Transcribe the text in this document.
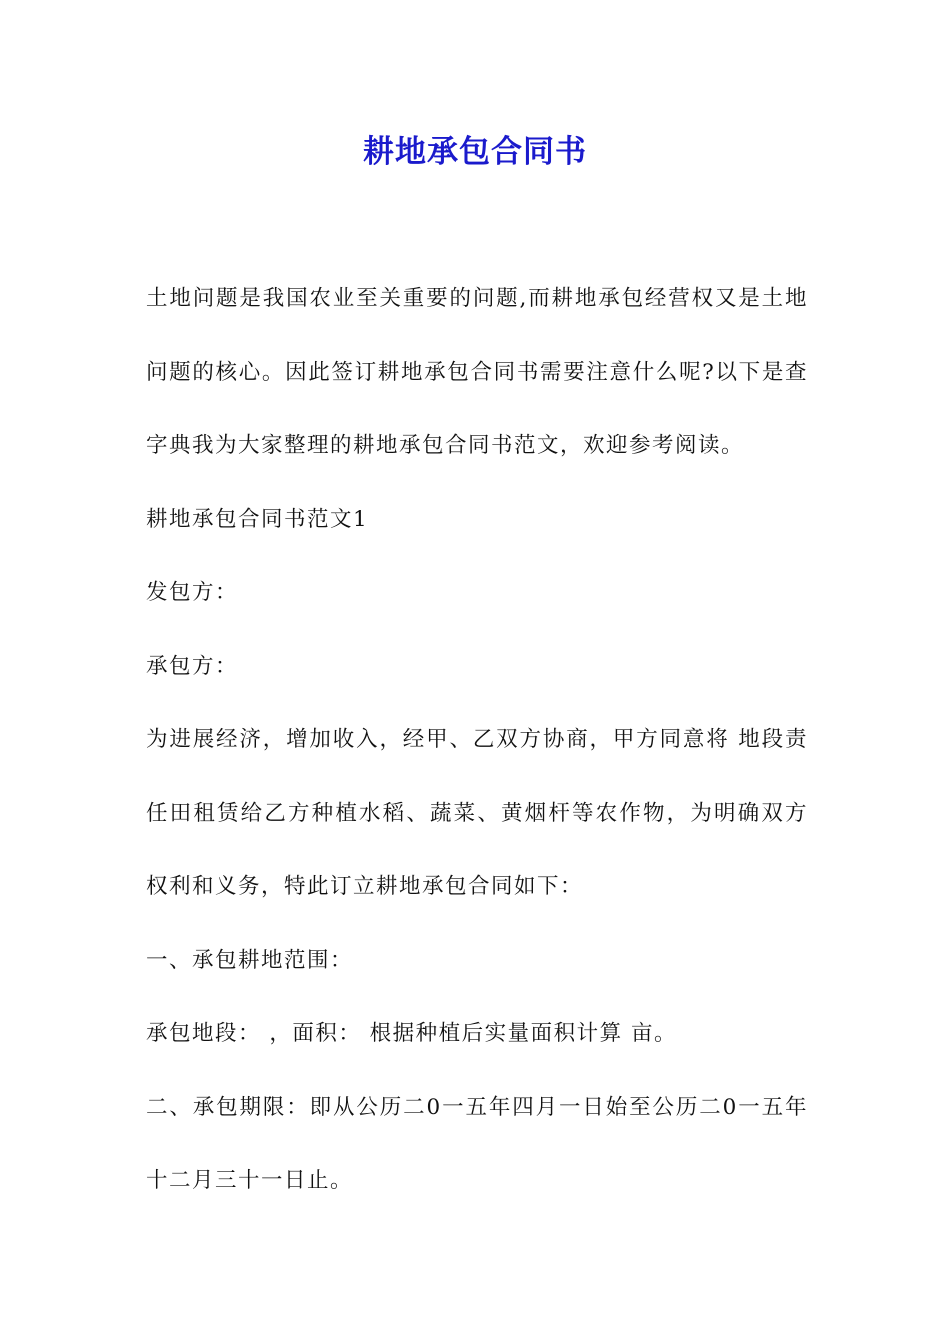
耕地承包合同书

土地问题是我国农业至关重要的问题,而耕地承包经营权又是土地问题的核心。因此签订耕地承包合同书需要注意什么呢?以下是查字典我为大家整理的耕地承包合同书范文，欢迎参考阅读。

耕地承包合同书范文1

发包方：

承包方：

为进展经济，增加收入，经甲、乙双方协商，甲方同意将 地段责任田租赁给乙方种植水稻、蔬菜、黄烟杆等农作物，为明确双方权利和义务，特此订立耕地承包合同如下：

一、承包耕地范围：

承包地段： ，面积： 根据种植后实量面积计算 亩。

二、承包期限：即从公历二0一五年四月一日始至公历二0一五年十二月三十一日止。
